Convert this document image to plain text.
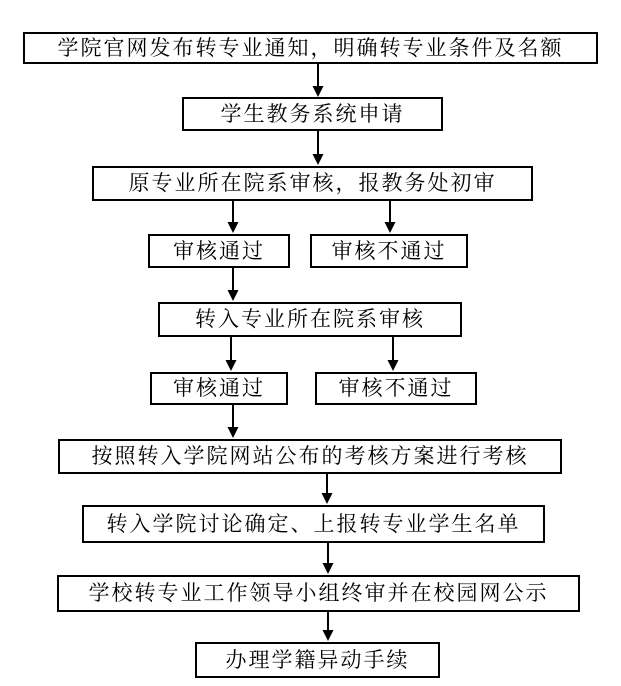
学院官网发布转专业通知，明确转专业条件及名额
学生教务系统申请
原专业所在院系审核，报教务处初审
审核通过	审核不通过
转入专业所在院系审核
审核通过	审核不通过
按照转入学院网站公布的考核方案进行考核
转入学院讨论确定、上报转专业学生名单
学校转专业工作领导小组终审并在校园网公示
办理学籍异动手续
